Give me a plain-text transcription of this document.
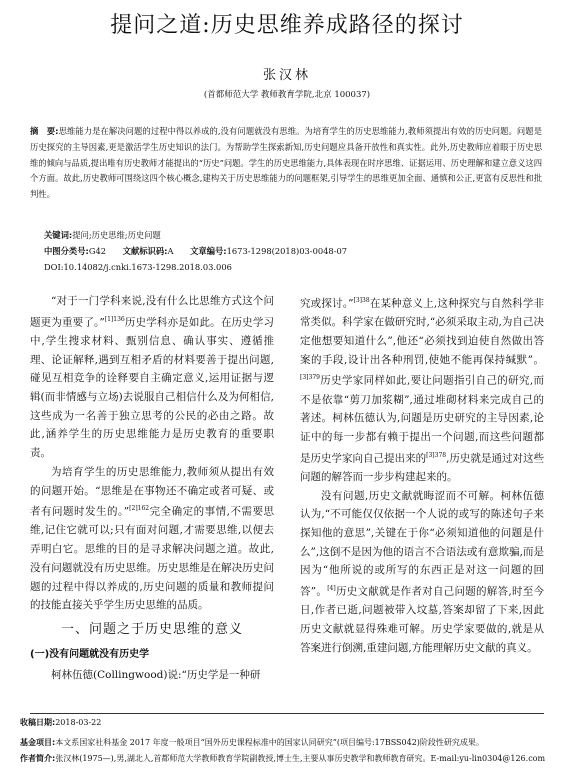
提问之道:历史思维养成路径的探讨
张汉林
(首都师范大学 教师教育学院,北京 100037)
摘　要:思维能力是在解决问题的过程中得以养成的,没有问题就没有思维。为培育学生的历史思维能力,教师须提出有效的历史问题。问题是历史探究的主导因素,更是激活学生历史知识的法门。为帮助学生探索新知,历史问题应具备开放性和真实性。此外,历史教师应着眼于历史思维的倾向与品质,提出唯有历史教师才能提出的“历史”问题。学生的历史思维能力,具体表现在时序思维、证据运用、历史理解和建立意义这四个方面。故此,历史教师可围绕这四个核心概念,建构关于历史思维能力的问题框架,引导学生的思维更加全面、通慎和公正,更富有反思性和批判性。
关键词:提问;历史思维;历史问题
中图分类号:G42 文献标识码:A 文章编号:1673-1298(2018)03-0048-07
DOI:10.14082/j.cnki.1673-1298.2018.03.006

“对于一门学科来说,没有什么比思维方式这个问题更为重要了。”$^{[1]136}$历史学科亦是如此。在历史学习中,学生搜求材料、甄别信息、确认事实、遵循推理、论证解释,遇到互相矛盾的材料要善于提出问题,碰见互相竞争的诠释要自主确定意义,运用证据与逻辑(而非情感与立场)去说服自己相信什么及为何相信,这些成为一名善于独立思考的公民的必由之路。故此,涵养学生的历史思维能力是历史教育的重要职责。

为培育学生的历史思维能力,教师须从提出有效的问题开始。“思维是在事物还不确定或者可疑、或者有问题时发生的。”$^{[2]162}$完全确定的事情,不需要思维,记住它就可以;只有面对问题,才需要思维,以便去弄明白它。思维的目的是寻求解决问题之道。故此,没有问题就没有历史思维。历史思维是在解决历史问题的过程中得以养成的,历史问题的质量和教师提问的技能直接关乎学生历史思维的品质。

一、问题之于历史思维的意义
(一)没有问题就没有历史学

柯林伍德(Collingwood)说:“历史学是一种研

究或探讨。”$^{[3]38}$在某种意义上,这种探究与自然科学非常类似。科学家在做研究时,“必须采取主动,为自己决定他想要知道什么”,他还“必须找到迫使自然做出答案的手段,设计出各种刑罚,使她不能再保持缄默”。$^{[3]379}$历史学家同样如此,要让问题指引自己的研究,而不是依靠“剪刀加浆糊”,通过堆砌材料来完成自己的著述。柯林伍德认为,问题是历史研究的主导因素,论证中的每一步都有赖于提出一个问题,而这些问题都是历史学家向自己提出来的$^{[3]378}$,历史就是通过对这些问题的解答而一步步构建起来的。

没有问题,历史文献就晦涩而不可解。柯林伍德认为,“不可能仅仅依据一个人说的或写的陈述句子来探知他的意思”,关键在于你“必须知道他的问题是什么”,这倒不是因为他的语言不合语法或有意欺骗,而是因为“他所说的或所写的东西正是对这一问题的回答”。[4]历史文献就是作者对自己问题的解答,时至今日,作者已逝,问题被带入坟墓,答案却留了下来,因此历史文献就显得殊难可解。历史学家要做的,就是从答案进行倒溯,重建问题,方能理解历史文献的真义。

收稿日期:2018-03-22
基金项目:本文系国家社科基金 2017 年度一般项目“国外历史课程标准中的国家认同研究”(项目编号:17BSS042)阶段性研究成果。
作者简介:张汉林(1975—),男,湖北人,首都师范大学教师教育学院副教授,博士生,主要从事历史教学和教师教育研究。E-mail:yu-lin0304@126.com
